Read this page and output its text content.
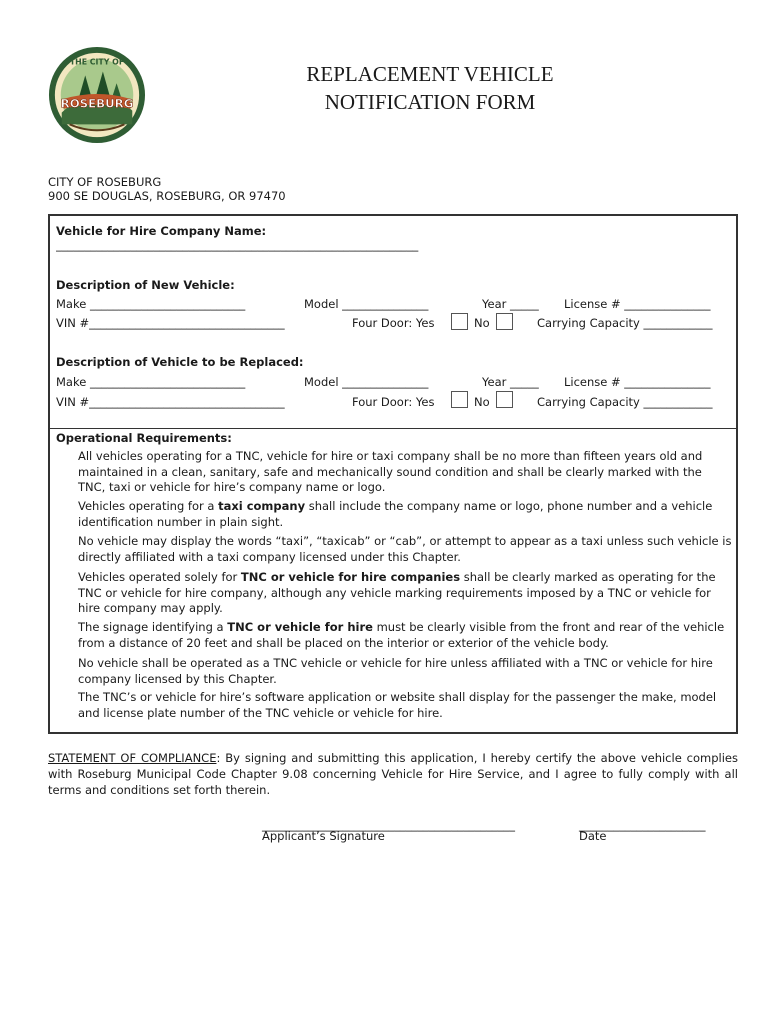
THE CITY OF
ROSEBURG
REPLACEMENT VEHICLE
NOTIFICATION FORM
CITY OF ROSEBURG
900 SE DOUGLAS, ROSEBURG, OR 97470
Vehicle for Hire Company Name:
_______________________________________________________________
Description of New Vehicle:
Make ___________________________	Model _______________	Year _____ License # _______________
VIN #__________________________________	Four Door: Yes	No	Carrying Capacity ____________
Description of Vehicle to be Replaced:
Make ___________________________	Model _______________	Year _____ License # _______________
VIN #__________________________________	Four Door: Yes	No	Carrying Capacity ____________
Operational Requirements:
All vehicles operating for a TNC, vehicle for hire or taxi company shall be no more than fifteen years old and maintained in a clean, sanitary, safe and mechanically sound condition and shall be clearly marked with the TNC, taxi or vehicle for hire’s company name or logo.
Vehicles operating for a taxi company shall include the company name or logo, phone number and a vehicle identification number in plain sight.
No vehicle may display the words “taxi”, “taxicab” or “cab”, or attempt to appear as a taxi unless such vehicle is directly affiliated with a taxi company licensed under this Chapter.
Vehicles operated solely for TNC or vehicle for hire companies shall be clearly marked as operating for the TNC or vehicle for hire company, although any vehicle marking requirements imposed by a TNC or vehicle for hire company may apply.
The signage identifying a TNC or vehicle for hire must be clearly visible from the front and rear of the vehicle from a distance of 20 feet and shall be placed on the interior or exterior of the vehicle body.
No vehicle shall be operated as a TNC vehicle or vehicle for hire unless affiliated with a TNC or vehicle for hire company licensed by this Chapter.
The TNC’s or vehicle for hire’s software application or website shall display for the passenger the make, model and license plate number of the TNC vehicle or vehicle for hire.
STATEMENT OF COMPLIANCE: By signing and submitting this application, I hereby certify the above vehicle complies with Roseburg Municipal Code Chapter 9.08 concerning Vehicle for Hire Service, and I agree to fully comply with all terms and conditions set forth therein.
____________________________________________
Applicant’s Signature
______________________
Date
